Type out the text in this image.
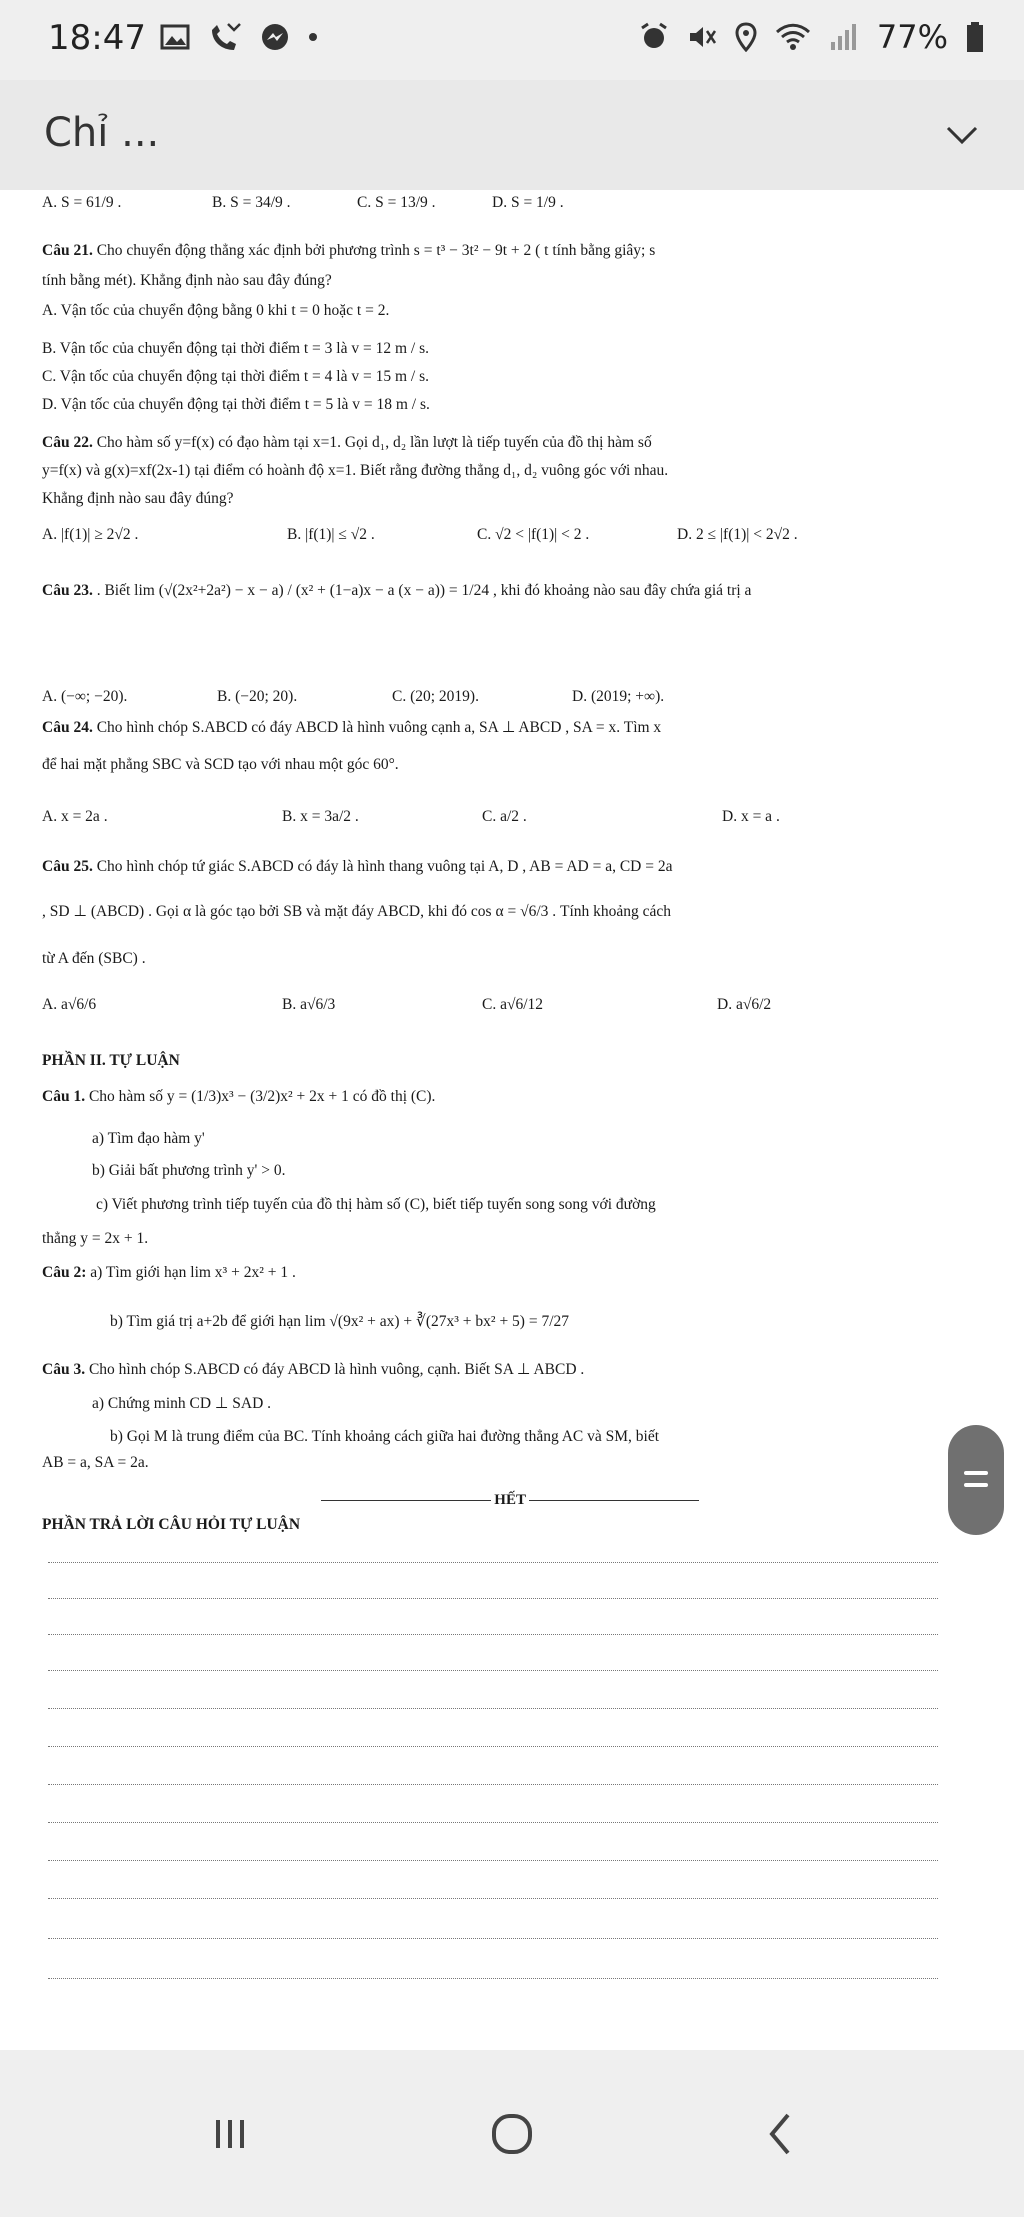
18:47	77%
Chỉ ...
A. S = 61/9 .	B. S = 34/9 .	C. S = 13/9 .	D. S = 1/9 .
Câu 21. Cho chuyển động thẳng xác định bởi phương trình s = t³ − 3t² − 9t + 2 ( t tính bằng giây; s
tính bằng mét). Khẳng định nào sau đây đúng?
A. Vận tốc của chuyển động bằng 0 khi t = 0 hoặc t = 2.
B. Vận tốc của chuyển động tại thời điểm t = 3 là v = 12 m / s.
C. Vận tốc của chuyển động tại thời điểm t = 4 là v = 15 m / s.
D. Vận tốc của chuyển động tại thời điểm t = 5 là v = 18 m / s.
Câu 22. Cho hàm số y=f(x) có đạo hàm tại x=1. Gọi d₁, d₂ lần lượt là tiếp tuyến của đồ thị hàm số
y=f(x) và g(x)=xf(2x-1) tại điểm có hoành độ x=1. Biết rằng đường thẳng d₁, d₂ vuông góc với nhau.
Khẳng định nào sau đây đúng?
A. |f(1)| ≥ 2√2 .	B. |f(1)| ≤ √2 .	C. √2 < |f(1)| < 2 .	D. 2 ≤ |f(1)| < 2√2 .
Câu 23. . Biết lim (√(2x²+2a²) − x − a) / (x² + (1−a)x − a (x − a)) = 1/24 , khi đó khoảng nào sau đây chứa giá trị a
A. (−∞; −20).	B. (−20; 20).	C. (20; 2019).	D. (2019; +∞).
Câu 24. Cho hình chóp S.ABCD có đáy ABCD là hình vuông cạnh a, SA ⊥ ABCD , SA = x. Tìm x
để hai mặt phẳng SBC và SCD tạo với nhau một góc 60°.
A. x = 2a .	B. x = 3a/2 .	C. a/2 .	D. x = a .
Câu 25. Cho hình chóp tứ giác S.ABCD có đáy là hình thang vuông tại A, D , AB = AD = a, CD = 2a
, SD ⊥ (ABCD) . Gọi α là góc tạo bởi SB và mặt đáy ABCD, khi đó cos α = √6/3 . Tính khoảng cách
từ A đến (SBC) .
A. a√6/6	B. a√6/3	C. a√6/12	D. a√6/2
PHẦN II. TỰ LUẬN
Câu 1. Cho hàm số y = (1/3)x³ − (3/2)x² + 2x + 1 có đồ thị (C).
a) Tìm đạo hàm y'
b) Giải bất phương trình y' > 0.
c) Viết phương trình tiếp tuyến của đồ thị hàm số (C), biết tiếp tuyến song song với đường
thẳng y = 2x + 1.
Câu 2: a) Tìm giới hạn lim x³ + 2x² + 1 .
b) Tìm giá trị a+2b để giới hạn lim √(9x² + ax) + ∛(27x³ + bx² + 5) = 7/27
Câu 3. Cho hình chóp S.ABCD có đáy ABCD là hình vuông, cạnh. Biết SA ⊥ ABCD .
a) Chứng minh CD ⊥ SAD .
b) Gọi M là trung điểm của BC. Tính khoảng cách giữa hai đường thẳng AC và SM, biết
AB = a, SA = 2a.
HẾT
PHẦN TRẢ LỜI CÂU HỎI TỰ LUẬN
